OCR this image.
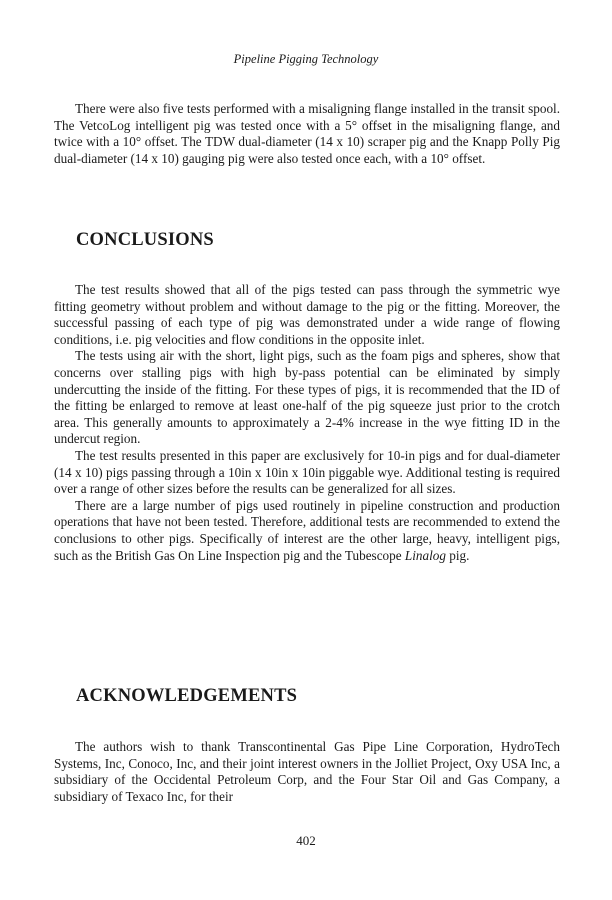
Pipeline Pigging Technology

There were also five tests performed with a misaligning flange installed in the transit spool. The VetcoLog intelligent pig was tested once with a 5° offset in the misaligning flange, and twice with a 10° offset. The TDW dual-diameter (14 x 10) scraper pig and the Knapp Polly Pig dual-diameter (14 x 10) gauging pig were also tested once each, with a 10° offset.

CONCLUSIONS

The test results showed that all of the pigs tested can pass through the symmetric wye fitting geometry without problem and without damage to the pig or the fitting. Moreover, the successful passing of each type of pig was demonstrated under a wide range of flowing conditions, i.e. pig velocities and flow conditions in the opposite inlet.

The tests using air with the short, light pigs, such as the foam pigs and spheres, show that concerns over stalling pigs with high by-pass potential can be eliminated by simply undercutting the inside of the fitting. For these types of pigs, it is recommended that the ID of the fitting be enlarged to remove at least one-half of the pig squeeze just prior to the crotch area. This generally amounts to approximately a 2-4% increase in the wye fitting ID in the undercut region.

The test results presented in this paper are exclusively for 10-in pigs and for dual-diameter (14 x 10) pigs passing through a 10in x 10in x 10in piggable wye. Additional testing is required over a range of other sizes before the results can be generalized for all sizes.

There are a large number of pigs used routinely in pipeline construction and production operations that have not been tested. Therefore, additional tests are recommended to extend the conclusions to other pigs. Specifically of interest are the other large, heavy, intelligent pigs, such as the British Gas On Line Inspection pig and the Tubescope Linalog pig.

ACKNOWLEDGEMENTS

The authors wish to thank Transcontinental Gas Pipe Line Corporation, HydroTech Systems, Inc, Conoco, Inc, and their joint interest owners in the Jolliet Project, Oxy USA Inc, a subsidiary of the Occidental Petroleum Corp, and the Four Star Oil and Gas Company, a subsidiary of Texaco Inc, for their

402
